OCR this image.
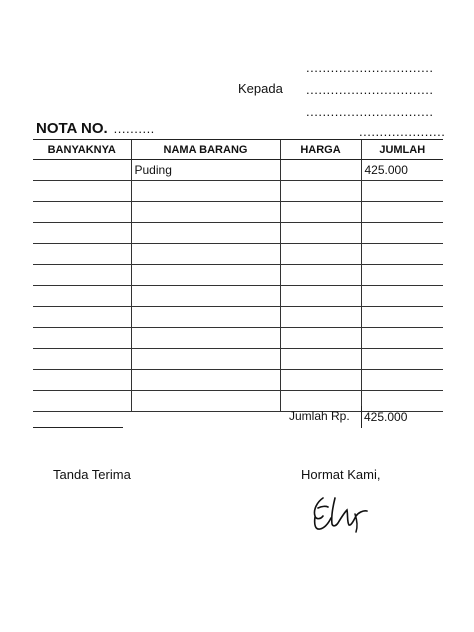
...............................
Kepada ...............................
...............................
NOTA NO. ..........	.....................
BANYAKNYA	NAMA BARANG	HARGA	JUMLAH
	Puding		425.000

Jumlah Rp. 425.000
Tanda Terima	Hormat Kami,
